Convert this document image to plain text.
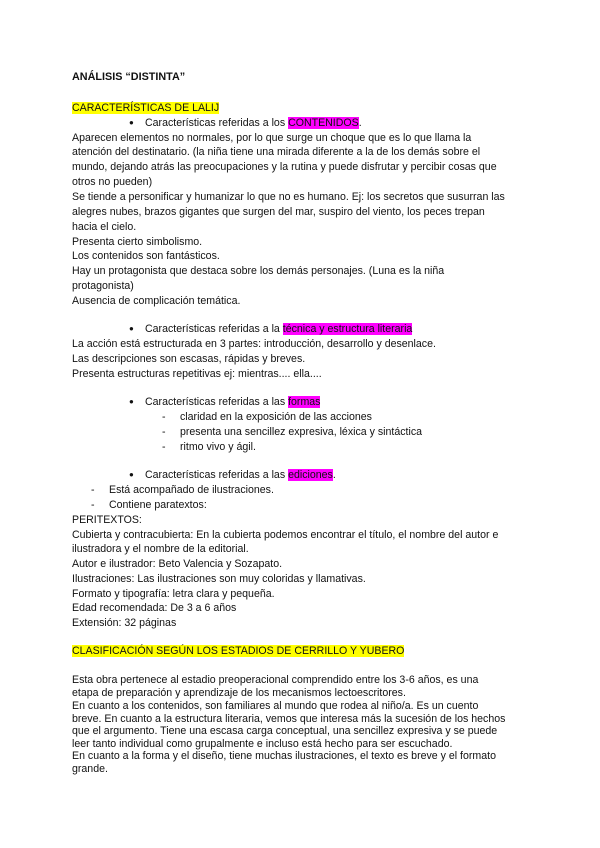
ANÁLISIS “DISTINTA”
CARACTERÍSTICAS DE LALIJ
● Características referidas a los CONTENIDOS.
Aparecen elementos no normales, por lo que surge un choque que es lo que llama la
atención del destinatario. (la niña tiene una mirada diferente a la de los demás sobre el
mundo, dejando atrás las preocupaciones y la rutina y puede disfrutar y percibir cosas que
otros no pueden)
Se tiende a personificar y humanizar lo que no es humano. Ej: los secretos que susurran las
alegres nubes, brazos gigantes que surgen del mar, suspiro del viento, los peces trepan
hacia el cielo.
Presenta cierto simbolismo.
Los contenidos son fantásticos.
Hay un protagonista que destaca sobre los demás personajes. (Luna es la niña
protagonista)
Ausencia de complicación temática.
● Características referidas a la técnica y estructura literaria
La acción está estructurada en 3 partes: introducción, desarrollo y desenlace.
Las descripciones son escasas, rápidas y breves.
Presenta estructuras repetitivas ej: mientras.... ella....
● Características referidas a las formas
- claridad en la exposición de las acciones
- presenta una sencillez expresiva, léxica y sintáctica
- ritmo vivo y ágil.
● Características referidas a las ediciones.
- Está acompañado de ilustraciones.
- Contiene paratextos:
PERITEXTOS:
Cubierta y contracubierta: En la cubierta podemos encontrar el título, el nombre del autor e
ilustradora y el nombre de la editorial.
Autor e ilustrador: Beto Valencia y Sozapato.
Ilustraciones: Las ilustraciones son muy coloridas y llamativas.
Formato y tipografía: letra clara y pequeña.
Edad recomendada: De 3 a 6 años
Extensión: 32 páginas
CLASIFICACIÓN SEGÚN LOS ESTADIOS DE CERRILLO Y YUBERO
Esta obra pertenece al estadio preoperacional comprendido entre los 3-6 años, es una
etapa de preparación y aprendizaje de los mecanismos lectoescritores.
En cuanto a los contenidos, son familiares al mundo que rodea al niño/a. Es un cuento
breve. En cuanto a la estructura literaria, vemos que interesa más la sucesión de los hechos
que el argumento. Tiene una escasa carga conceptual, una sencillez expresiva y se puede
leer tanto individual como grupalmente e incluso está hecho para ser escuchado.
En cuanto a la forma y el diseño, tiene muchas ilustraciones, el texto es breve y el formato
grande.
